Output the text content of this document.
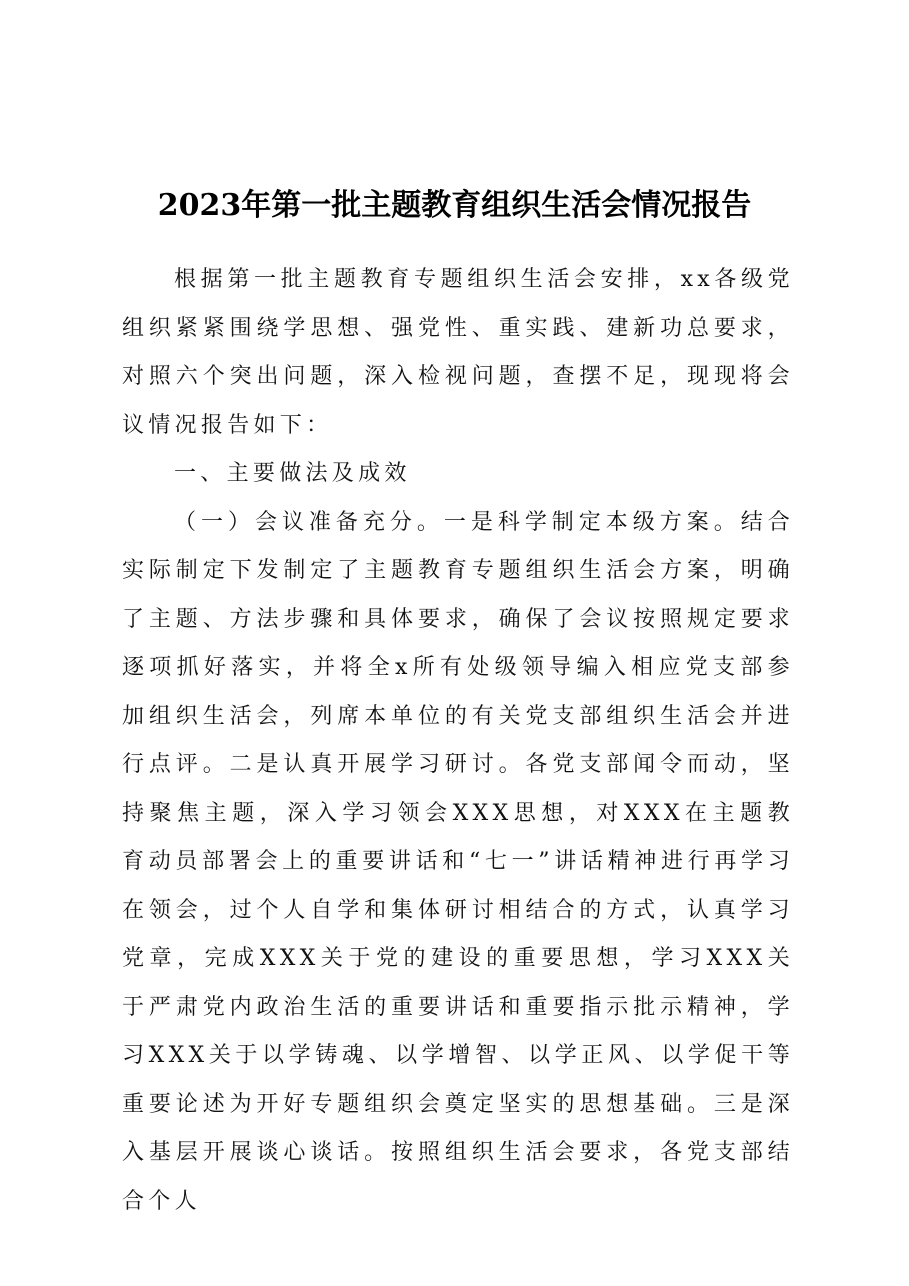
2023年第一批主题教育组织生活会情况报告

根据第一批主题教育专题组织生活会安排，xx各级党组织紧紧围绕学思想、强党性、重实践、建新功总要求，对照六个突出问题，深入检视问题，查摆不足，现现将会议情况报告如下：

一、主要做法及成效

（一）会议准备充分。一是科学制定本级方案。结合实际制定下发制定了主题教育专题组织生活会方案，明确了主题、方法步骤和具体要求，确保了会议按照规定要求逐项抓好落实，并将全x所有处级领导编入相应党支部参加组织生活会，列席本单位的有关党支部组织生活会并进行点评。二是认真开展学习研讨。各党支部闻令而动，坚持聚焦主题，深入学习领会XXX思想，对XXX在主题教育动员部署会上的重要讲话和“七一”讲话精神进行再学习在领会，过个人自学和集体研讨相结合的方式，认真学习党章，完成XXX关于党的建设的重要思想，学习XXX关于严肃党内政治生活的重要讲话和重要指示批示精神，学习XXX关于以学铸魂、以学增智、以学正风、以学促干等重要论述为开好专题组织会奠定坚实的思想基础。三是深入基层开展谈心谈话。按照组织生活会要求，各党支部结合个人
